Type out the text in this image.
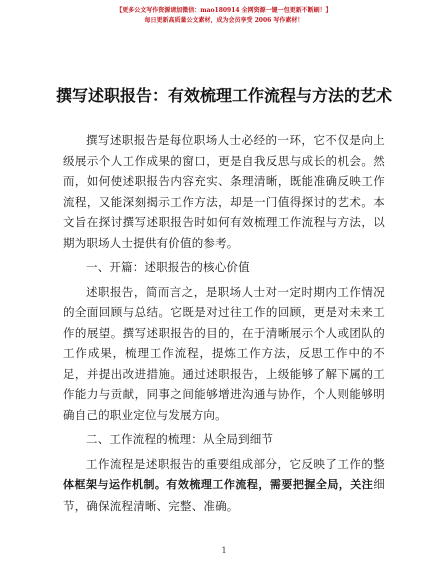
【更多公文写作资源请加微信：mao180914 全网资源一键一包更新不断刷！】
每日更新高质量公文素材，成为会员享受 2006 写作素材！
撰写述职报告：有效梳理工作流程与方法的艺术

撰写述职报告是每位职场人士必经的一环，它不仅是向上级展示个人工作成果的窗口，更是自我反思与成长的机会。然而，如何使述职报告内容充实、条理清晰，既能准确反映工作流程，又能深刻揭示工作方法，却是一门值得探讨的艺术。本文旨在探讨撰写述职报告时如何有效梳理工作流程与方法，以期为职场人士提供有价值的参考。

一、开篇：述职报告的核心价值

述职报告，简而言之，是职场人士对一定时期内工作情况的全面回顾与总结。它既是对过往工作的回顾，更是对未来工作的展望。撰写述职报告的目的，在于清晰展示个人或团队的工作成果，梳理工作流程，提炼工作方法，反思工作中的不足，并提出改进措施。通过述职报告，上级能够了解下属的工作能力与贡献，同事之间能够增进沟通与协作，个人则能够明确自己的职业定位与发展方向。

二、工作流程的梳理：从全局到细节

工作流程是述职报告的重要组成部分，它反映了工作的整体框架与运作机制。有效梳理工作流程，需要把握全局，关注细节，确保流程清晰、完整、准确。

1
